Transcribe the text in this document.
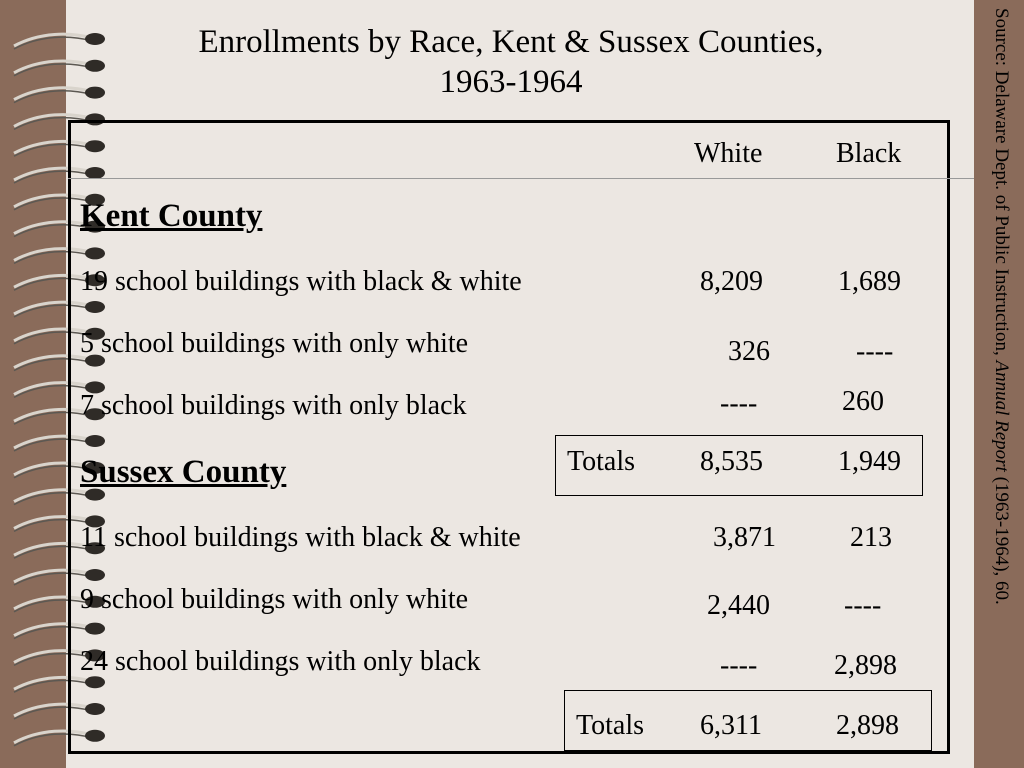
Enrollments by Race, Kent & Sussex Counties,
1963-1964	Source: Delaware Dept. of Public Instruction, Annual Report (1963-1964), 60.
White	Black
Kent County
19 school buildings with black & white	8,209	1,689
5 school buildings with only white	326	----
7 school buildings with only black	----	260
Totals 8,535	1,949
Sussex County
11 school buildings with black & white	3,871	213
9 school buildings with only white	2,440	----
24 school buildings with only black	----	2,898
Totals 6,311	2,898
